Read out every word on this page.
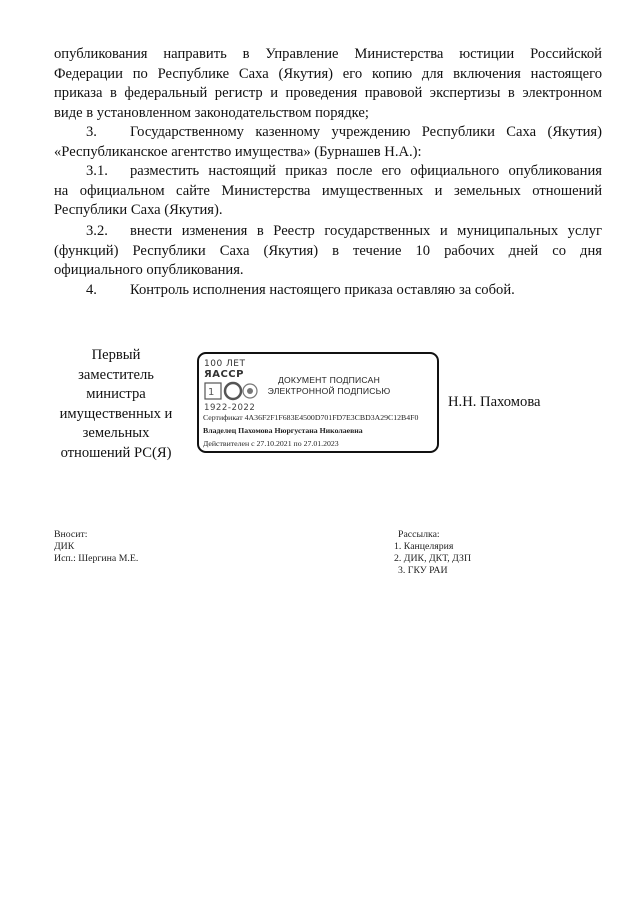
опубликования направить в Управление Министерства юстиции Российской
Федерации по Республике Саха (Якутия) его копию для включения настоящего
приказа в федеральный регистр и проведения правовой экспертизы в электронном
виде в установленном законодательством порядке;
3. Государственному казенному учреждению Республики Саха (Якутия)

«Республиканское агентство имущества» (Бурнашев Н.А.):
3.1. разместить настоящий приказ после его официального опубликования

на официальном сайте Министерства имущественных и земельных отношений
Республики Саха (Якутия).
3.2. внести изменения в Реестр государственных и муниципальных услуг

(функций) Республики Саха (Якутия) в течение 10 рабочих дней со дня
официального опубликования.
4. Контроль исполнения настоящего приказа оставляю за собой.

Первый
заместитель
министра
имущественных и
земельных
отношений РС(Я)
100 ЛЕТ
ЯАССР
1
1922-2022
ДОКУМЕНТ ПОДПИСАН
ЭЛЕКТРОННОЙ ПОДПИСЬЮ
Сертификат 4A36F2F1F683E4500D701FD7E3CBD3A29C12B4F0
Владелец Пахомова Нюргустана Николаевна
Действителен с 27.10.2021 по 27.01.2023
Н.Н. Пахомова
Вносит:
ДИК
Исп.: Шергина М.Е.
Рассылка:
1. Канцелярия
2. ДИК, ДКТ, ДЗП
3. ГКУ РАИ
